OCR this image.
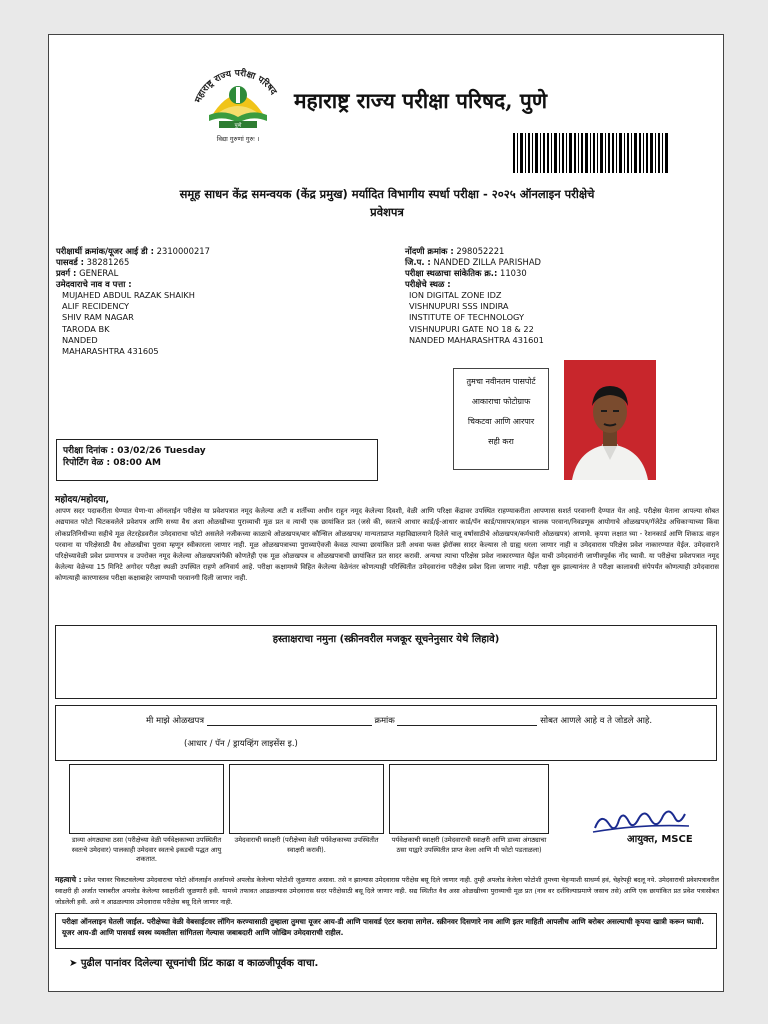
महाराष्ट्र राज्य परीक्षा परिषद
पुणे
विद्या गुरुणां गुरुः ।
महाराष्ट्र राज्य परीक्षा परिषद, पुणे
समूह साधन केंद्र समन्वयक (केंद्र प्रमुख) मर्यादित विभागीय स्पर्धा परीक्षा - २०२५ ऑनलाइन परीक्षेचे
प्रवेशपत्र
परीक्षार्थी क्रमांक/यूजर आई डी : 2310000217
पासवर्ड : 38281265
प्रवर्ग : GENERAL
उमेदवाराचे नाव व पत्ता :
MUJAHED ABDUL RAZAK SHAIKH
ALIF RECIDENCY
SHIV RAM NAGAR
TARODA BK
NANDED
MAHARASHTRA 431605
नोंदणी क्रमांक : 298052221
जि.प. : NANDED ZILLA PARISHAD
परीक्षा स्थळाचा सांकेतिक क्र.: 11030
परीक्षेचे स्थळ :
ION DIGITAL ZONE IDZ
VISHNUPURI SSS INDIRA
INSTITUTE OF TECHNOLOGY
VISHNUPURI GATE NO 18 & 22
NANDED MAHARASHTRA 431601
तुमचा नवीनतम पासपोर्ट
आकाराचा फोटोग्राफ
चिकटवा आणि आरपार
सही करा
परीक्षा दिनांक : 03/02/26 Tuesday
रिपोर्टिंग वेळ : 08:00 AM
महोदय/महोदया,
आपण सदर पदाकरीता घेण्यात येणा-या ऑनलाईन परीक्षेस या प्रवेशपत्रात नमूद केलेल्या अटी व शर्तीच्या अधीन राहून नमूद केलेल्या दिवशी, वेळी आणि परिक्षा केंद्रावर उपस्थित राहण्याकरीता आपणास सशर्त परवानगी देण्यात येत आहे. परीक्षेस येताना आपल्या सोबत अद्ययावत फोटो चिटकवलेले प्रवेशपत्र आणि सध्या वैध अशा ओळखीच्या पुराव्याची मूळ प्रत व त्याची एक छायांकित प्रत (जसे की, स्वतःचे आधार कार्ड/ई-आधार कार्ड/पॅन कार्ड/पासपत्र/वाहन चालक परवाना/निवडणूक आयोगाचे ओळखपत्र/गॅजेटेड अधिकाऱ्याच्या किंवा लोकप्रतिनिधीच्या सहीचे मूळ लेटरहेडवरील उमेदवाराचा फोटो असलेले नजीकच्या काळाचे ओळखपत्र/बार कौन्सिल ओळखपत्र/ मान्यताप्राप्त महाविद्यालयाने दिलेले चालू वर्षासाठीचे ओळखपत्र/कर्मचारी ओळखपत्र) आणावे. कृपया लक्षात घ्या - रेशनकार्ड आणि शिकाऊ वाहन परवाना या परिक्षेसाठी वैध ओळखीचा पुरावा म्हणून स्वीकारला जाणार नाही. मूळ ओळखपत्राच्या पुराव्याऐवजी केवळ त्याच्या छायांकित प्रती अथवा फक्त झेरॉक्स सादर केल्यास तो ग्राह्य धरला जाणार नाही व उमेदवारास परिक्षेस प्रवेश नाकारण्यात येईल. उमेदवाराने परिक्षेच्यावेळी प्रवेश प्रमाणपत्र व उपरोक्त नमूद केलेल्या ओळखपत्रांपैकी कोणतेही एक मूळ ओळखपत्र व ओळखपत्राची छायांकित प्रत सादर करावी. अन्यथा त्याचा परिक्षेस प्रवेश नाकारण्यात येईल याची उमेदवारांनी जाणीवपूर्वक नोंद घ्यावी. या परीक्षेचा प्रवेशपत्रात नमूद केलेल्या वेळेच्या 15 मिनिटे अगोदर परीक्षा स्थळी उपस्थित राहणे अनिवार्य आहे. परीक्षा कक्षामध्ये विहित केलेल्या वेळेनंतर कोणत्याही परिस्थितीत उमेदवारांना परीक्षेस प्रवेश दिला जाणार नाही. परीक्षा सुरु झाल्यानंतर ते परीक्षा कालावधी संपेपर्यंत कोणत्याही उमेदवारास कोणत्याही कारणास्तव परीक्षा कक्षाबाहेर जाण्याची परवानगी दिली जाणार नाही.
हस्ताक्षराचा नमुना (स्क्रीनवरील मजकूर सूचनेनुसार येथे लिहावे)
मी माझे ओळखपत्र	क्रमांक	सोबत आणले आहे व ते जोडले आहे.
(आधार / पॅन / ड्रायव्हिंग लाइसेंस इ.)
डाव्या अंगठ्याचा ठसा (परीक्षेच्या वेळी पर्यवेक्षकाच्या उपस्थितीत स्वतःचे उमेदवार) पालकाही उमेदवार स्वतःचे इकडची पद्धत आयु शकतात.
उमेदवाराची स्वाक्षरी (परीक्षेच्या वेळी पर्यवेक्षकाच्या उपस्थितीत स्वाक्षरी करावी).
पर्यवेक्षकाची स्वाक्षरी (उमेदवाराची स्वाक्षरी आणि डाव्या अंगठ्याचा ठसा याद्वारे उपस्थितीत प्राप्त केला आणि मी फोटो पडताळला)
आयुक्त, MSCE
महत्वाचे : प्रवेश पत्रावर चिकटवलेल्या उमेदवाराचा फोटो ऑनलाईन अर्जामध्ये अपलोड केलेल्या फोटोशी जुळणारा असावा. तसे न झाल्यास उमेदवारास परीक्षेस बसू दिले जाणार नाही. तुम्ही अपलोड केलेला फोटोशी तुमच्या चेहऱ्याशी साधर्म्य हवं, चेहरेपट्टी बदलू नये. उमेदवाराची प्रवेशपत्रावरील स्वाक्षरी ही अर्जात पत्राबरील अपलोड केलेल्या स्वाक्षरीशी जुळणारी हवी. यामध्ये तफावत आढळल्यास उमेदवारास सदर परीक्षेसाठी बसू दिले जाणार नाही. सद्य स्थितीत वैध असा ओळखीच्या पुराव्याची मूळ प्रत (नाव वर दर्शविल्याप्रमाणे जसाच तसे) आणि एक छायांकित प्रत प्रवेश पत्रासोबत जोडलेली हवी. असे न आढळल्यास उमेदवारास परीक्षेस बसू दिले जाणार नाही.
परीक्षा ऑनलाइन घेतली जाईल. परीक्षेच्या वेळी वेबसाईटवर लॉगिन करण्यासाठी तुम्हाला तुमचा यूजर आय-डी आणि पासवर्ड एंटर करावा लागेल. स्क्रीनवर दिसणारे नाव आणि इतर माहिती आपलीच आणि बरोबर असल्याची कृपया खात्री करून घ्यावी. यूजर आय-डी आणि पासवर्ड स्वस्थ व्यक्तीला सांगितला गेल्यास जबाबदारी आणि जोखिम उमेदवाराची राहील.
➤ पुढील पानांवर दिलेल्या सूचनांची प्रिंट काढा व काळजीपूर्वक वाचा.
